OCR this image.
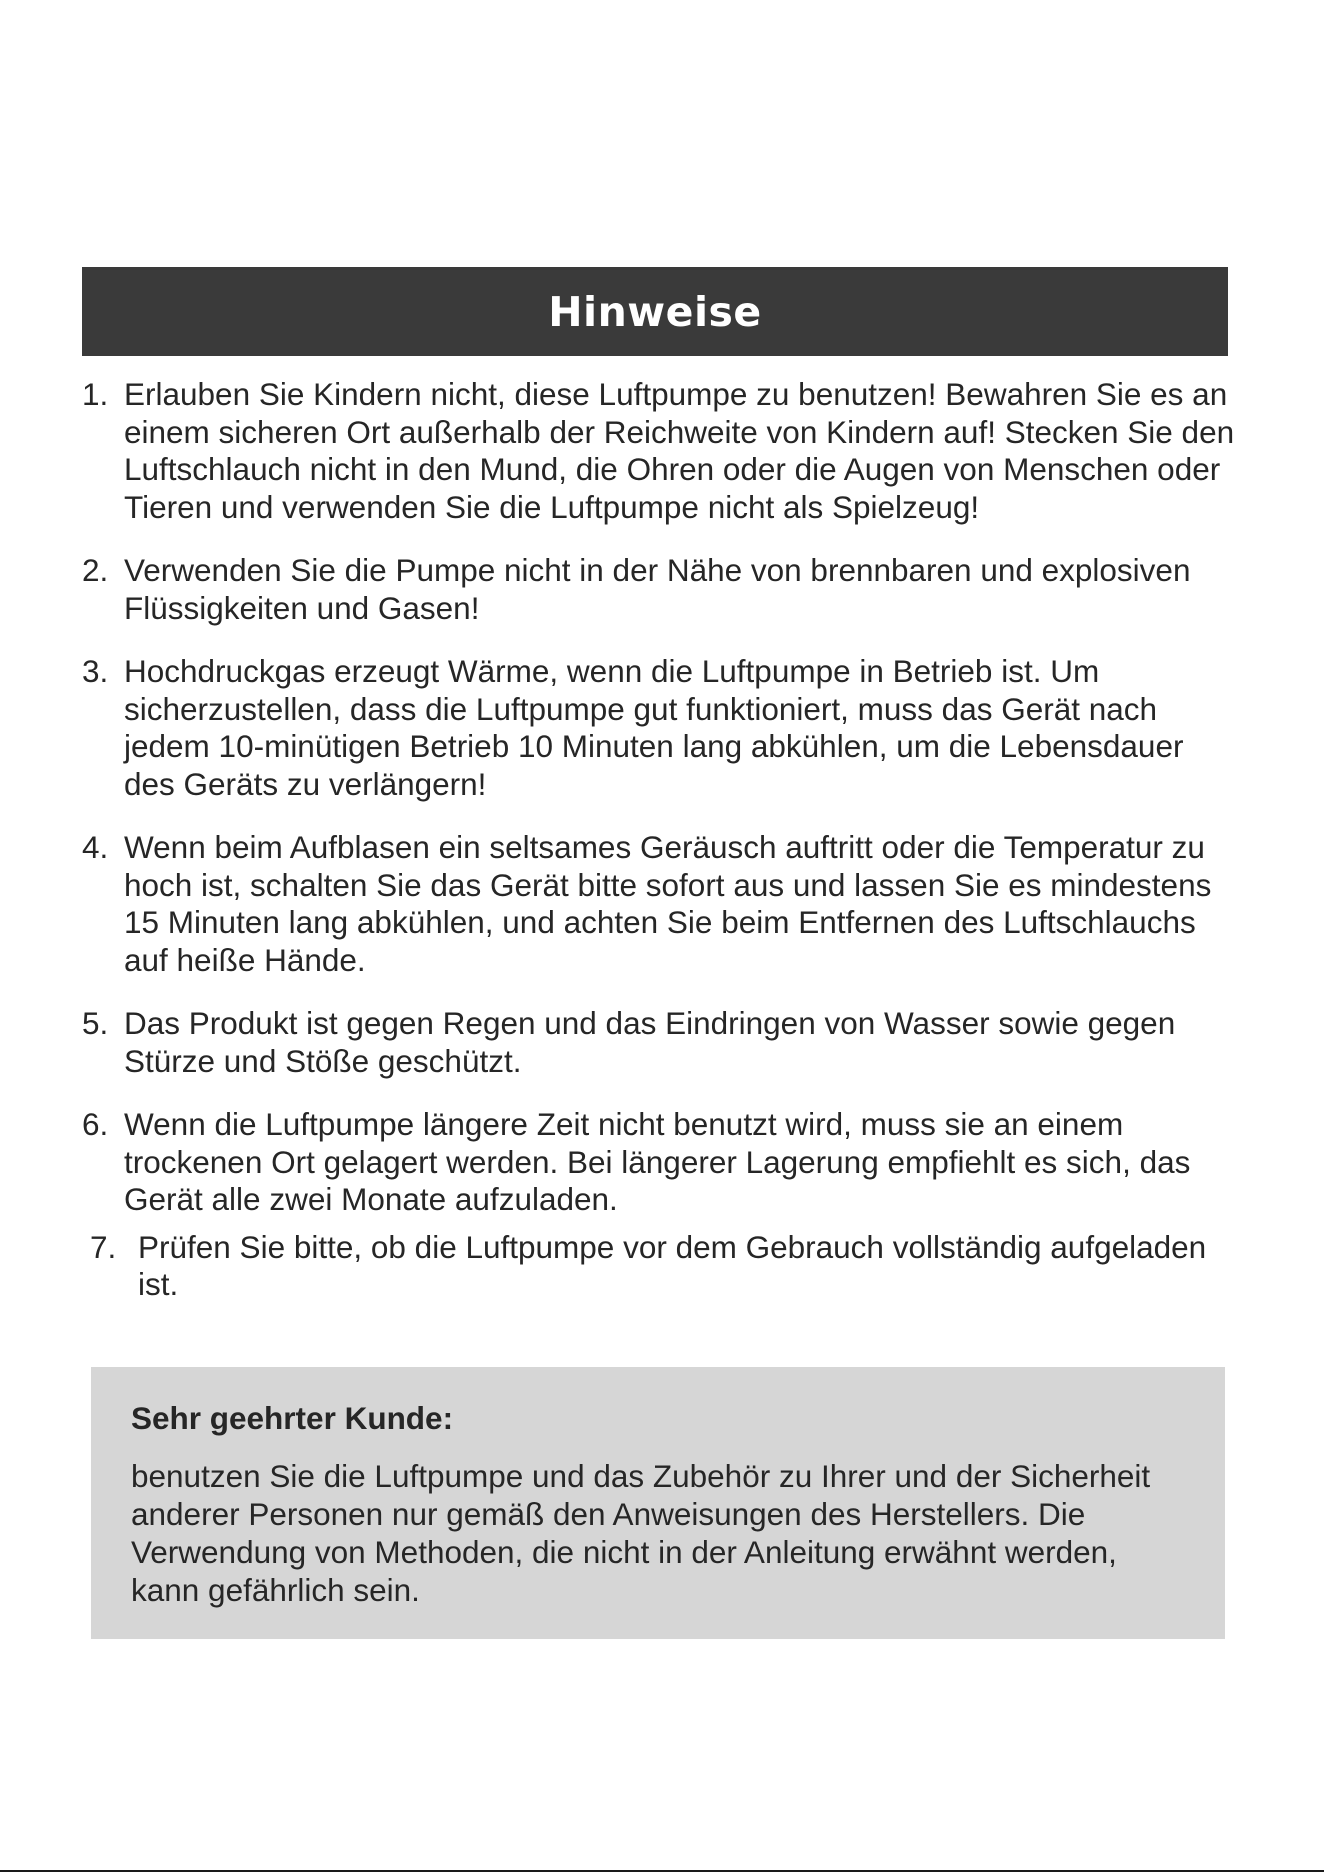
Hinweise
1. Erlauben Sie Kindern nicht, diese Luftpumpe zu benutzen! Bewahren Sie es an einem sicheren Ort außerhalb der Reichweite von Kindern auf! Stecken Sie den Luftschlauch nicht in den Mund, die Ohren oder die Augen von Menschen oder Tieren und verwenden Sie die Luftpumpe nicht als Spielzeug!
2. Verwenden Sie die Pumpe nicht in der Nähe von brennbaren und explosiven Flüssigkeiten und Gasen!
3. Hochdruckgas erzeugt Wärme, wenn die Luftpumpe in Betrieb ist. Um sicherzustellen, dass die Luftpumpe gut funktioniert, muss das Gerät nach jedem 10-minütigen Betrieb 10 Minuten lang abkühlen, um die Lebensdauer des Geräts zu verlängern!
4. Wenn beim Aufblasen ein seltsames Geräusch auftritt oder die Temperatur zu hoch ist, schalten Sie das Gerät bitte sofort aus und lassen Sie es mindestens 15 Minuten lang abkühlen, und achten Sie beim Entfernen des Luftschlauchs auf heiße Hände.
5. Das Produkt ist gegen Regen und das Eindringen von Wasser sowie gegen Stürze und Stöße geschützt.
6. Wenn die Luftpumpe längere Zeit nicht benutzt wird, muss sie an einem trockenen Ort gelagert werden. Bei längerer Lagerung empfiehlt es sich, das Gerät alle zwei Monate aufzuladen.
7. Prüfen Sie bitte, ob die Luftpumpe vor dem Gebrauch vollständig aufgeladen ist.

Sehr geehrter Kunde:

benutzen Sie die Luftpumpe und das Zubehör zu Ihrer und der Sicherheit anderer Personen nur gemäß den Anweisungen des Herstellers. Die Verwendung von Methoden, die nicht in der Anleitung erwähnt werden, kann gefährlich sein.
